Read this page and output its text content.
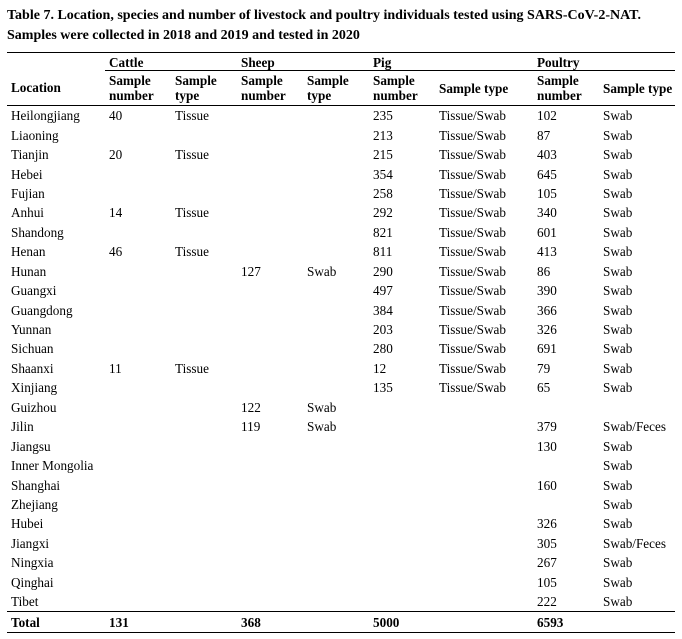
Table 7. Location, species and number of livestock and poultry individuals tested using SARS-CoV-2-NAT. Samples were collected in 2018 and 2019 and tested in 2020
	Cattle		Sheep		Pig		Poultry	
Location	Sample number	Sample type	Sample number	Sample type	Sample number	Sample type	Sample number	Sample type
Heilongjiang	40	Tissue			235	Tissue/Swab	102	Swab
Liaoning					213	Tissue/Swab	87	Swab
Tianjin	20	Tissue			215	Tissue/Swab	403	Swab
Hebei					354	Tissue/Swab	645	Swab
Fujian					258	Tissue/Swab	105	Swab
Anhui	14	Tissue			292	Tissue/Swab	340	Swab
Shandong					821	Tissue/Swab	601	Swab
Henan	46	Tissue			811	Tissue/Swab	413	Swab
Hunan			127	Swab	290	Tissue/Swab	86	Swab
Guangxi					497	Tissue/Swab	390	Swab
Guangdong					384	Tissue/Swab	366	Swab
Yunnan					203	Tissue/Swab	326	Swab
Sichuan					280	Tissue/Swab	691	Swab
Shaanxi	11	Tissue			12	Tissue/Swab	79	Swab
Xinjiang					135	Tissue/Swab	65	Swab
Guizhou			122	Swab				
Jilin			119	Swab			379	Swab/Feces
Jiangsu							130	Swab
Inner Mongolia								Swab
Shanghai							160	Swab
Zhejiang								Swab
Hubei							326	Swab
Jiangxi							305	Swab/Feces
Ningxia							267	Swab
Qinghai							105	Swab
Tibet							222	Swab
Total	131		368		5000		6593	
